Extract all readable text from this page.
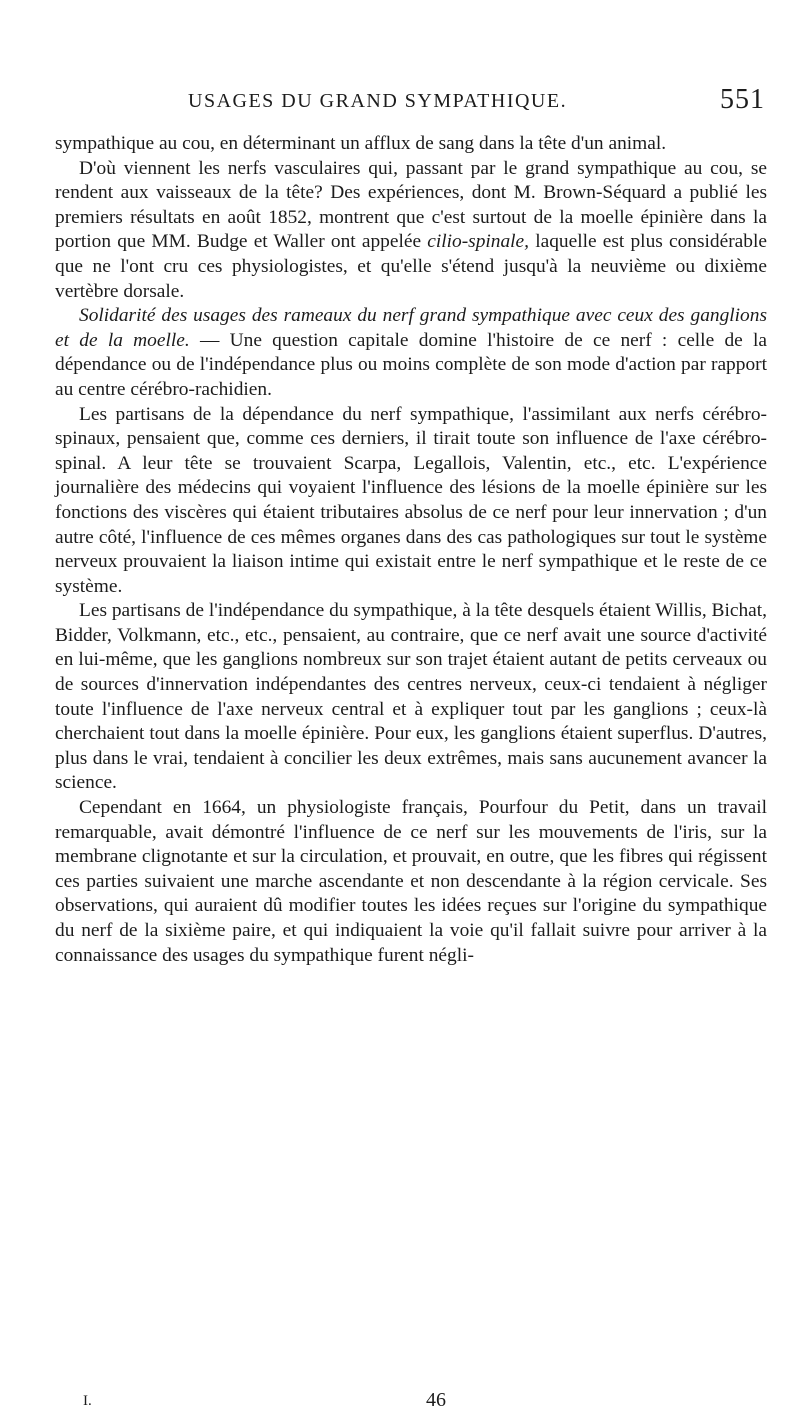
USAGES DU GRAND SYMPATHIQUE.	551

sympathique au cou, en déterminant un afflux de sang dans la tête d'un animal.

D'où viennent les nerfs vasculaires qui, passant par le grand sympathique au cou, se rendent aux vaisseaux de la tête? Des expériences, dont M. Brown-Séquard a publié les premiers résultats en août 1852, montrent que c'est surtout de la moelle épinière dans la portion que MM. Budge et Waller ont appelée cilio-spinale, laquelle est plus considérable que ne l'ont cru ces physiologistes, et qu'elle s'étend jusqu'à la neuvième ou dixième vertèbre dorsale.

Solidarité des usages des rameaux du nerf grand sympathique avec ceux des ganglions et de la moelle. — Une question capitale domine l'histoire de ce nerf : celle de la dépendance ou de l'indépendance plus ou moins complète de son mode d'action par rapport au centre cérébro-rachidien.

Les partisans de la dépendance du nerf sympathique, l'assimilant aux nerfs cérébro-spinaux, pensaient que, comme ces derniers, il tirait toute son influence de l'axe cérébro-spinal. A leur tête se trouvaient Scarpa, Legallois, Valentin, etc., etc. L'expérience journalière des médecins qui voyaient l'influence des lésions de la moelle épinière sur les fonctions des viscères qui étaient tributaires absolus de ce nerf pour leur innervation ; d'un autre côté, l'influence de ces mêmes organes dans des cas pathologiques sur tout le système nerveux prouvaient la liaison intime qui existait entre le nerf sympathique et le reste de ce système.

Les partisans de l'indépendance du sympathique, à la tête desquels étaient Willis, Bichat, Bidder, Volkmann, etc., etc., pensaient, au contraire, que ce nerf avait une source d'activité en lui-même, que les ganglions nombreux sur son trajet étaient autant de petits cerveaux ou de sources d'innervation indépendantes des centres nerveux, ceux-ci tendaient à négliger toute l'influence de l'axe nerveux central et à expliquer tout par les ganglions ; ceux-là cherchaient tout dans la moelle épinière. Pour eux, les ganglions étaient superflus. D'autres, plus dans le vrai, tendaient à concilier les deux extrêmes, mais sans aucunement avancer la science.

Cependant en 1664, un physiologiste français, Pourfour du Petit, dans un travail remarquable, avait démontré l'influence de ce nerf sur les mouvements de l'iris, sur la membrane clignotante et sur la circulation, et prouvait, en outre, que les fibres qui régissent ces parties suivaient une marche ascendante et non descendante à la région cervicale. Ses observations, qui auraient dû modifier toutes les idées reçues sur l'origine du sympathique du nerf de la sixième paire, et qui indiquaient la voie qu'il fallait suivre pour arriver à la connaissance des usages du sympathique furent négli-

I.	46
